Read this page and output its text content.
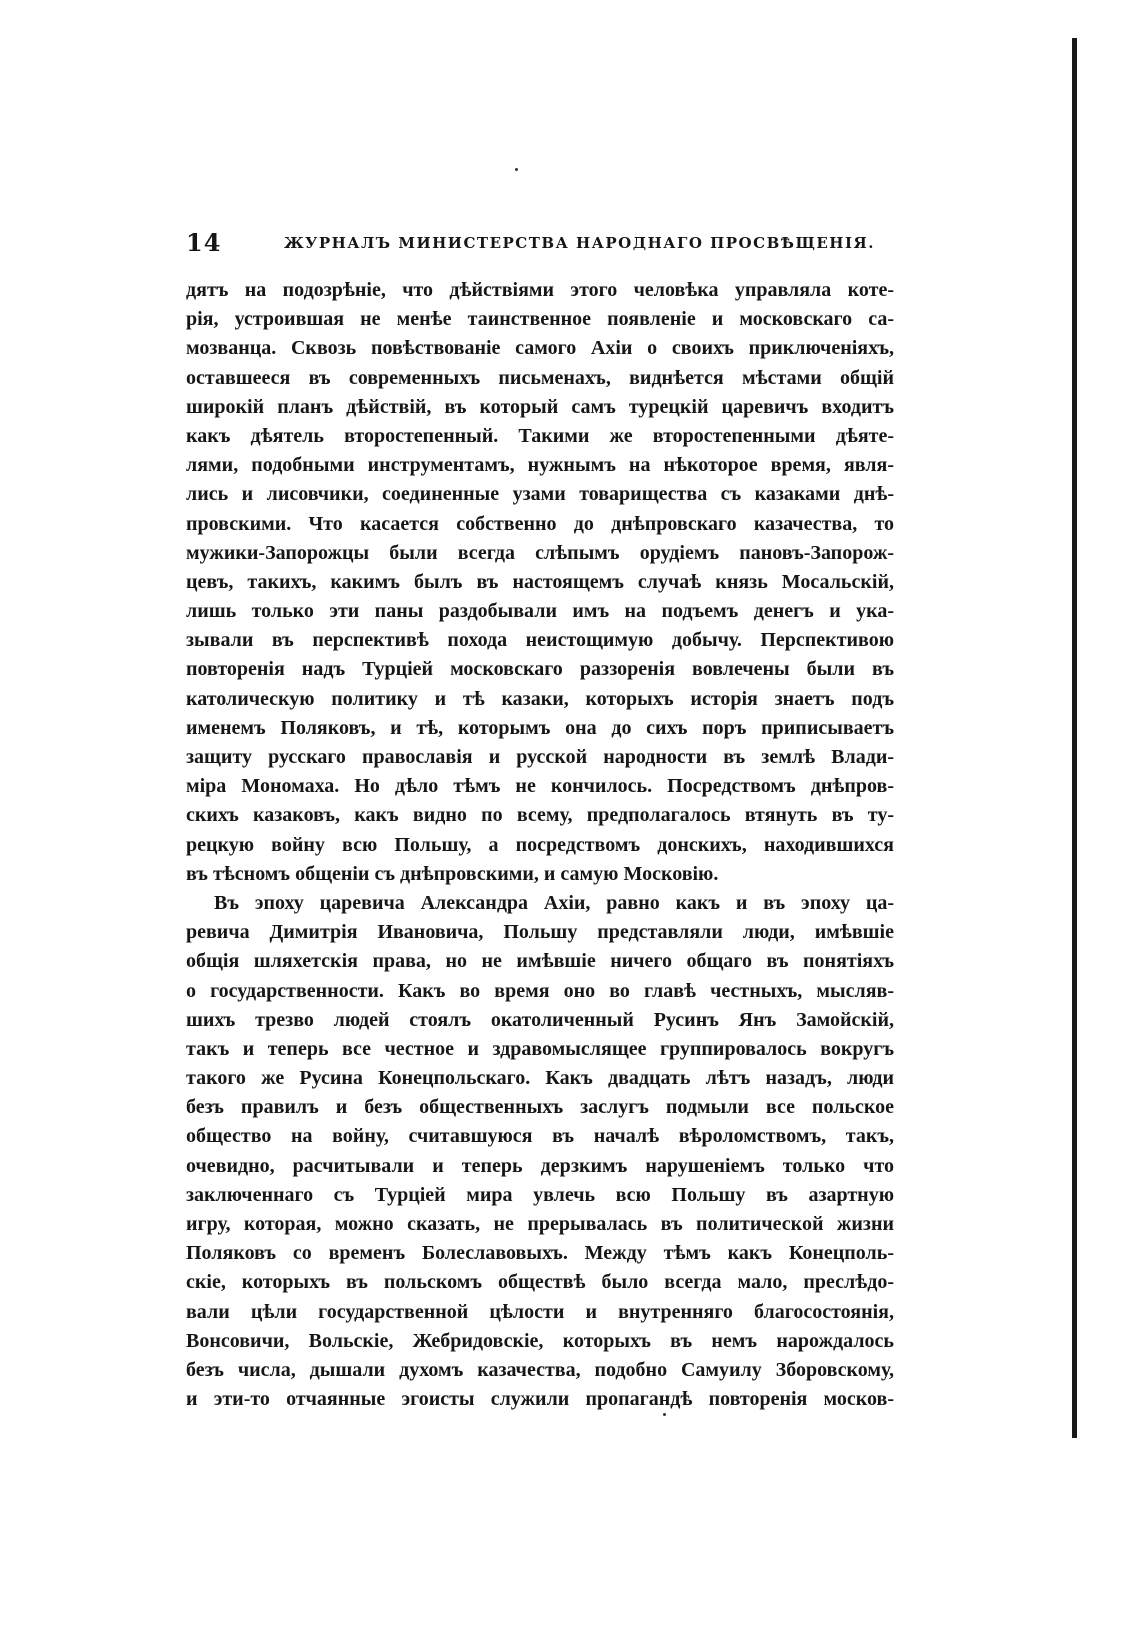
14	ЖУРНАЛЪ МИНИСТЕРСТВА НАРОДНАГО ПРОСВѢЩЕНІЯ.
дятъ на подозрѣніе, что дѣйствіями этого человѣка управляла котe-
рія, устроившая не менѣе таинственное появленіе и московскаго са-
мозванца. Сквозь повѣствованіе самого Ахіи о своихъ приключеніяхъ,
оставшееся въ современныхъ письменахъ, виднѣется мѣстами общій
широкій планъ дѣйствій, въ который самъ турецкій царевичъ входитъ
какъ дѣятель второстепенный. Такими же второстепенными дѣяте-
лями, подобными инструментамъ, нужнымъ на нѣкоторое время, явля-
лись и лисовчики, соединенные узами товарищества съ казаками днѣ-
провскими. Что касается собственно до днѣпровскаго казачества, то
мужики-Запорожцы были всегда слѣпымъ орудіемъ пановъ-Запорож-
цевъ, такихъ, какимъ былъ въ настоящемъ случаѣ князь Мосальскій,
лишь только эти паны раздобывали имъ на подъемъ денегъ и ука-
зывали въ перспективѣ похода неистощимую добычу. Перспективою
повторенія надъ Турціей московскаго раззоренія вовлечены были въ
католическую политику и тѣ казаки, которыхъ исторія знаетъ подъ
именемъ Поляковъ, и тѣ, которымъ она до сихъ поръ приписываетъ
защиту русскаго православія и русской народности въ землѣ Влади-
міра Мономаха. Но дѣло тѣмъ не кончилось. Посредствомъ днѣпров-
скихъ казаковъ, какъ видно по всему, предполагалось втянуть въ ту-
рецкую войну всю Польшу, а посредствомъ донскихъ, находившихся
въ тѣсномъ общеніи съ днѣпровскими, и самую Московію.
Въ эпоху царевича Александра Ахіи, равно какъ и въ эпоху ца-
ревича Димитрія Ивановича, Польшу представляли люди, имѣвшіе
общія шляхетскія права, но не имѣвшіе ничего общаго въ понятіяхъ
о государственности. Какъ во время оно во главѣ честныхъ, мысляв-
шихъ трезво людей стоялъ окатоличенный Русинъ Янъ Замойскій,
такъ и теперь все честное и здравомыслящее группировалось вокругъ
такого же Русина Конецпольскаго. Какъ двадцать лѣтъ назадъ, люди
безъ правилъ и безъ общественныхъ заслугъ подмыли все польское
общество на войну, считавшуюся въ началѣ вѣроломствомъ, такъ,
очевидно, расчитывали и теперь дерзкимъ нарушеніемъ только что
заключеннаго съ Турціей мира увлечь всю Польшу въ азартную
игру, которая, можно сказать, не прерывалась въ политической жизни
Поляковъ со временъ Болеславовыхъ. Между тѣмъ какъ Конецполь-
скіе, которыхъ въ польскомъ обществѣ было всегда мало, преслѣдо-
вали цѣли государственной цѣлости и внутренняго благосостоянія,
Вонсовичи, Вольскіе, Жебридовскіе, которыхъ въ немъ нарождалось
безъ числа, дышали духомъ казачества, подобно Самуилу Зборовскому,
и эти-то отчаянные эгоисты служили пропагандѣ повторенія москов-
